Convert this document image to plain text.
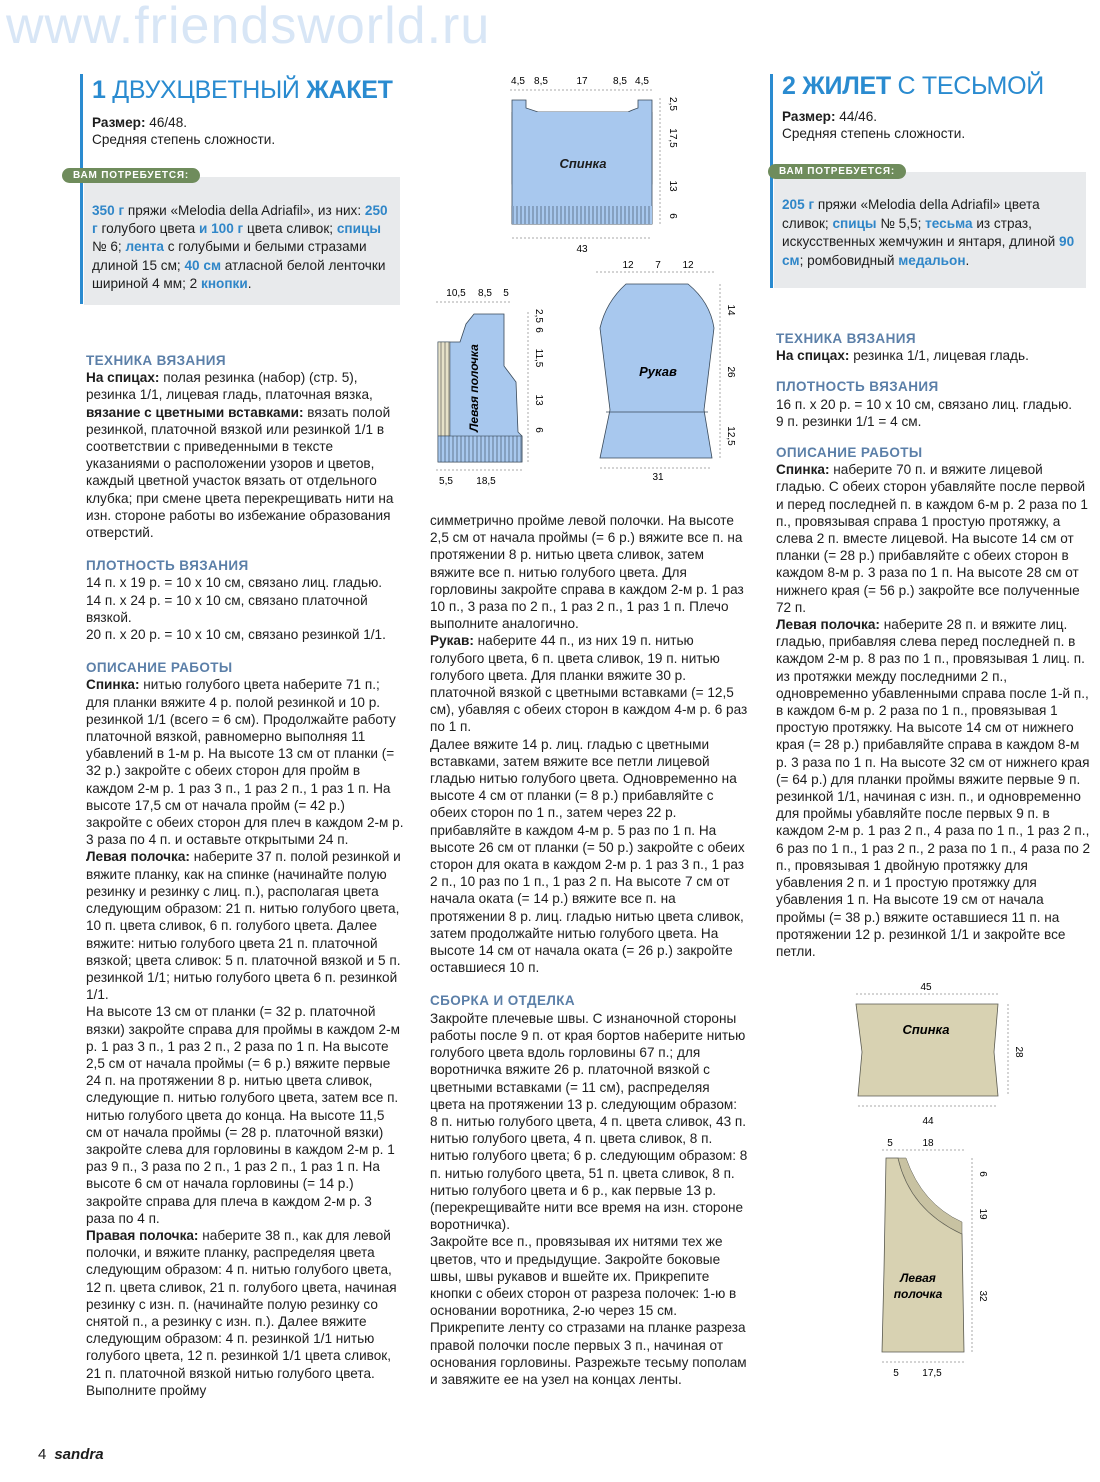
www.friendsworld.ru
1 ДВУХЦВЕТНЫЙ ЖАКЕТ

Размер: 46/48.

Средняя степень сложности.

ВАМ ПОТРЕБУЕТСЯ:

350 г пряжи «Melodia della Adriafil», из них: 250 г голубого цвета и 100 г цвета сливок; спицы № 6; лента с голубыми и белыми стразами длиной 15 см; 40 см атласной белой ленточки шириной 4 мм; 2 кнопки.

ТЕХНИКА ВЯЗАНИЯ

На спицах: полая резинка (набор) (стр. 5), резинка 1/1, лицевая гладь, платочная вязка, вязание с цветными вставками: вязать полой резинкой, платочной вязкой или резинкой 1/1 в соответствии с приведенными в тексте указаниями о расположении узоров и цветов, каждый цветной участок вязать от отдельного клубка; при смене цвета перекрещивать нити на изн. стороне работы во избежание образования отверстий.

ПЛОТНОСТЬ ВЯЗАНИЯ

14 п. x 19 р. = 10 x 10 см, связано лиц. гладью.

14 п. x 24 р. = 10 x 10 см, связано платочной вязкой.

20 п. x 20 р. = 10 x 10 см, связано резинкой 1/1.

ОПИСАНИЕ РАБОТЫ

Спинка: нитью голубого цвета наберите 71 п.; для планки вяжите 4 р. полой резинкой и 10 р. резинкой 1/1 (всего = 6 см). Продолжайте работу платочной вязкой, равномерно выполняя 11 убавлений в 1-м р. На высоте 13 см от планки (= 32 р.) закройте с обеих сторон для пройм в каждом 2-м р. 1 раз 3 п., 1 раз 2 п., 1 раз 1 п. На высоте 17,5 см от начала пройм (= 42 р.) закройте с обеих сторон для плеч в каждом 2-м р. 3 раза по 4 п. и оставьте открытыми 24 п.

Левая полочка: наберите 37 п. полой резинкой и вяжите планку, как на спинке (начинайте полую резинку и резинку с лиц. п.), располагая цвета следующим образом: 21 п. нитью голубого цвета, 10 п. цвета сливок, 6 п. голубого цвета. Далее вяжите: нитью голубого цвета 21 п. платочной вязкой; цвета сливок: 5 п. платочной вязкой и 5 п. резинкой 1/1; нитью голубого цвета 6 п. резинкой 1/1.

На высоте 13 см от планки (= 32 р. платочной вязки) закройте справа для проймы в каждом 2-м р. 1 раз 3 п., 1 раз 2 п., 2 раза по 1 п. На высоте 2,5 см от начала проймы (= 6 р.) вяжите первые 24 п. на протяжении 8 р. нитью цвета сливок, следующие п. нитью голубого цвета, затем все п. нитью голубого цвета до конца. На высоте 11,5 см от начала проймы (= 28 р. платочной вязки) закройте слева для горловины в каждом 2-м р. 1 раз 9 п., 3 раза по 2 п., 1 раз 2 п., 1 раз 1 п. На высоте 6 см от начала горловины (= 14 р.) закройте справа для плеча в каждом 2-м р. 3 раза по 4 п.

Правая полочка: наберите 38 п., как для левой полочки, и вяжите планку, распределяя цвета следующим образом: 4 п. нитью голубого цвета, 12 п. цвета сливок, 21 п. голубого цвета, начиная резинку с изн. п. (начинайте полую резинку со снятой п., а резинку с изн. п.). Далее вяжите следующим образом: 4 п. резинкой 1/1 нитью голубого цвета, 12 п. резинкой 1/1 цвета сливок, 21 п. платочной вязкой нитью голубого цвета. Выполните пройму

симметрично пройме левой полочки. На высоте 2,5 см от начала проймы (= 6 р.) вяжите все п. на протяжении 8 р. нитью цвета сливок, затем вяжите все п. нитью голубого цвета. Для горловины закройте справа в каждом 2-м р. 1 раз 10 п., 3 раза по 2 п., 1 раз 2 п., 1 раз 1 п. Плечо выполните аналогично.

Рукав: наберите 44 п., из них 19 п. нитью голубого цвета, 6 п. цвета сливок, 19 п. нитью голубого цвета. Для планки вяжите 30 р. платочной вязкой с цветными вставками (= 12,5 см), убавляя с обеих сторон в каждом 4-м р. 6 раз по 1 п.

Далее вяжите 14 р. лиц. гладью с цветными вставками, затем вяжите все петли лицевой гладью нитью голубого цвета. Одновременно на высоте 4 см от планки (= 8 р.) прибавляйте с обеих сторон по 1 п., затем через 22 р. прибавляйте в каждом 4-м р. 5 раз по 1 п. На высоте 26 см от планки (= 50 р.) закройте с обеих сторон для оката в каждом 2-м р. 1 раз 3 п., 1 раз 2 п., 10 раз по 1 п., 1 раз 2 п. На высоте 7 см от начала оката (= 14 р.) вяжите все п. на протяжении 8 р. лиц. гладью нитью цвета сливок, затем продолжайте нитью голубого цвета. На высоте 14 см от начала оката (= 26 р.) закройте оставшиеся 10 п.

СБОРКА И ОТДЕЛКА

Закройте плечевые швы. С изнаночной стороны работы после 9 п. от края бортов наберите нитью голубого цвета вдоль горловины 67 п.; для воротничка вяжите 26 р. платочной вязкой с цветными вставками (= 11 см), распределяя цвета на протяжении 13 р. следующим образом: 8 п. нитью голубого цвета, 4 п. цвета сливок, 43 п. нитью голубого цвета, 4 п. цвета сливок, 8 п. нитью голубого цвета; 6 р. следующим образом: 8 п. нитью голубого цвета, 51 п. цвета сливок, 8 п. нитью голубого цвета и 6 р., как первые 13 р. (перекрещивайте нити все время на изн. стороне воротничка).

Закройте все п., провязывая их нитями тех же цветов, что и предыдущие. Закройте боковые швы, швы рукавов и вшейте их. Прикрепите кнопки с обеих сторон от разреза полочек: 1-ю в основании воротника, 2-ю через 15 см. Прикрепите ленту со стразами на планке разреза правой полочки после первых 3 п., начиная от основания горловины. Разрежьте тесьму пополам и завяжите ее на узел на концах ленты.

Спинка
4,5 8,5	17	8,5 4,5
2,5
17,5
13
6
43
Левая полочка
10,5 8,5 5
2,5
6
11,5
13
6
5,5 18,5
Рукав
12 7 12
14
26
12,5
31
2 ЖИЛЕТ С ТЕСЬМОЙ

Размер: 44/46.

Средняя степень сложности.

ВАМ ПОТРЕБУЕТСЯ:

205 г пряжи «Melodia della Adriafil» цвета сливок; спицы № 5,5; тесьма из страз, искусственных жемчужин и янтаря, длиной 90 см; ромбовидный медальон.

ТЕХНИКА ВЯЗАНИЯ

На спицах: резинка 1/1, лицевая гладь.

ПЛОТНОСТЬ ВЯЗАНИЯ

16 п. x 20 р. = 10 x 10 см, связано лиц. гладью.

9 п. резинки 1/1 = 4 см.

ОПИСАНИЕ РАБОТЫ

Спинка: наберите 70 п. и вяжите лицевой гладью. С обеих сторон убавляйте после первой и перед последней п. в каждом 6-м р. 2 раза по 1 п., провязывая справа 1 простую протяжку, а слева 2 п. вместе лицевой. На высоте 14 см от планки (= 28 р.) прибавляйте с обеих сторон в каждом 8-м р. 3 раза по 1 п. На высоте 28 см от нижнего края (= 56 р.) закройте все полученные 72 п.

Левая полочка: наберите 28 п. и вяжите лиц. гладью, прибавляя слева перед последней п. в каждом 2-м р. 8 раз по 1 п., провязывая 1 лиц. п. из протяжки между последними 2 п., одновременно убавленными справа после 1-й п., в каждом 6-м р. 2 раза по 1 п., провязывая 1 простую протяжку. На высоте 14 см от нижнего края (= 28 р.) прибавляйте справа в каждом 8-м р. 3 раза по 1 п. На высоте 32 см от нижнего края (= 64 р.) для планки проймы вяжите первые 9 п. резинкой 1/1, начиная с изн. п., и одновременно для проймы убавляйте после первых 9 п. в каждом 2-м р. 1 раз 2 п., 4 раза по 1 п., 1 раз 2 п., 6 раз по 1 п., 1 раз 2 п., 2 раза по 1 п., 4 раза по 2 п., провязывая 1 двойную протяжку для убавления 2 п. и 1 простую протяжку для убавления 1 п. На высоте 19 см от начала проймы (= 38 р.) вяжите оставшиеся 11 п. на протяжении 12 р. резинкой 1/1 и закройте все петли.

45
Спинка
28
44
5	18
Левая
полочка
6
19
32
5 17,5
4 sandra
